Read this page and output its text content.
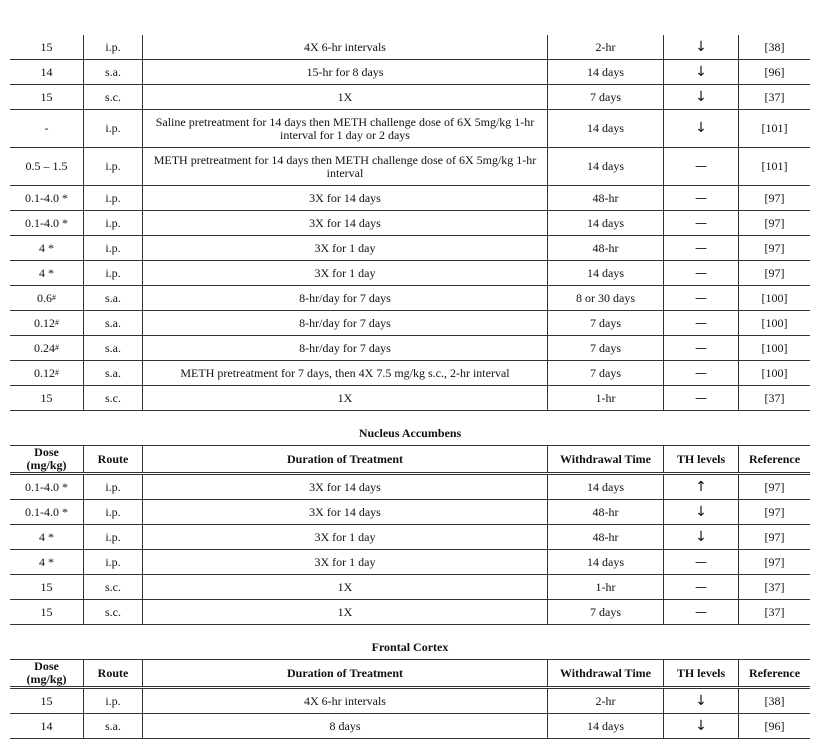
15	i.p.	4X 6-hr intervals	2-hr	↓	[38]
14	s.a.	15-hr for 8 days	14 days	↓	[96]
15	s.c.	1X	7 days	↓	[37]
-	i.p.	Saline pretreatment for 14 days then METH challenge dose of 6X 5mg/kg 1-hr interval for 1 day or 2 days	14 days	↓	[101]
0.5 – 1.5	i.p.	METH pretreatment for 14 days then METH challenge dose of 6X 5mg/kg 1-hr interval	14 days	—	[101]
0.1-4.0 *	i.p.	3X for 14 days	48-hr	—	[97]
0.1-4.0 *	i.p.	3X for 14 days	14 days	—	[97]
4 *	i.p.	3X for 1 day	48-hr	—	[97]
4 *	i.p.	3X for 1 day	14 days	—	[97]
0.6 #	s.a.	8-hr/day for 7 days	8 or 30 days	—	[100]
0.12 #	s.a.	8-hr/day for 7 days	7 days	—	[100]
0.24 #	s.a.	8-hr/day for 7 days	7 days	—	[100]
0.12 #	s.a.	METH pretreatment for 7 days, then 4X 7.5 mg/kg s.c., 2-hr interval	7 days	—	[100]
15	s.c.	1X	1-hr	—	[37]
Nucleus Accumbens
Dose (mg/kg)	Route	Duration of Treatment	Withdrawal Time	TH levels	Reference
0.1-4.0 *	i.p.	3X for 14 days	14 days	↑	[97]
0.1-4.0 *	i.p.	3X for 14 days	48-hr	↓	[97]
4 *	i.p.	3X for 1 day	48-hr	↓	[97]
4 *	i.p.	3X for 1 day	14 days	—	[97]
15	s.c.	1X	1-hr	—	[37]
15	s.c.	1X	7 days	—	[37]
Frontal Cortex
Dose (mg/kg)	Route	Duration of Treatment	Withdrawal Time	TH levels	Reference
15	i.p.	4X 6-hr intervals	2-hr	↓	[38]
14	s.a.	8 days	14 days	↓	[96]
